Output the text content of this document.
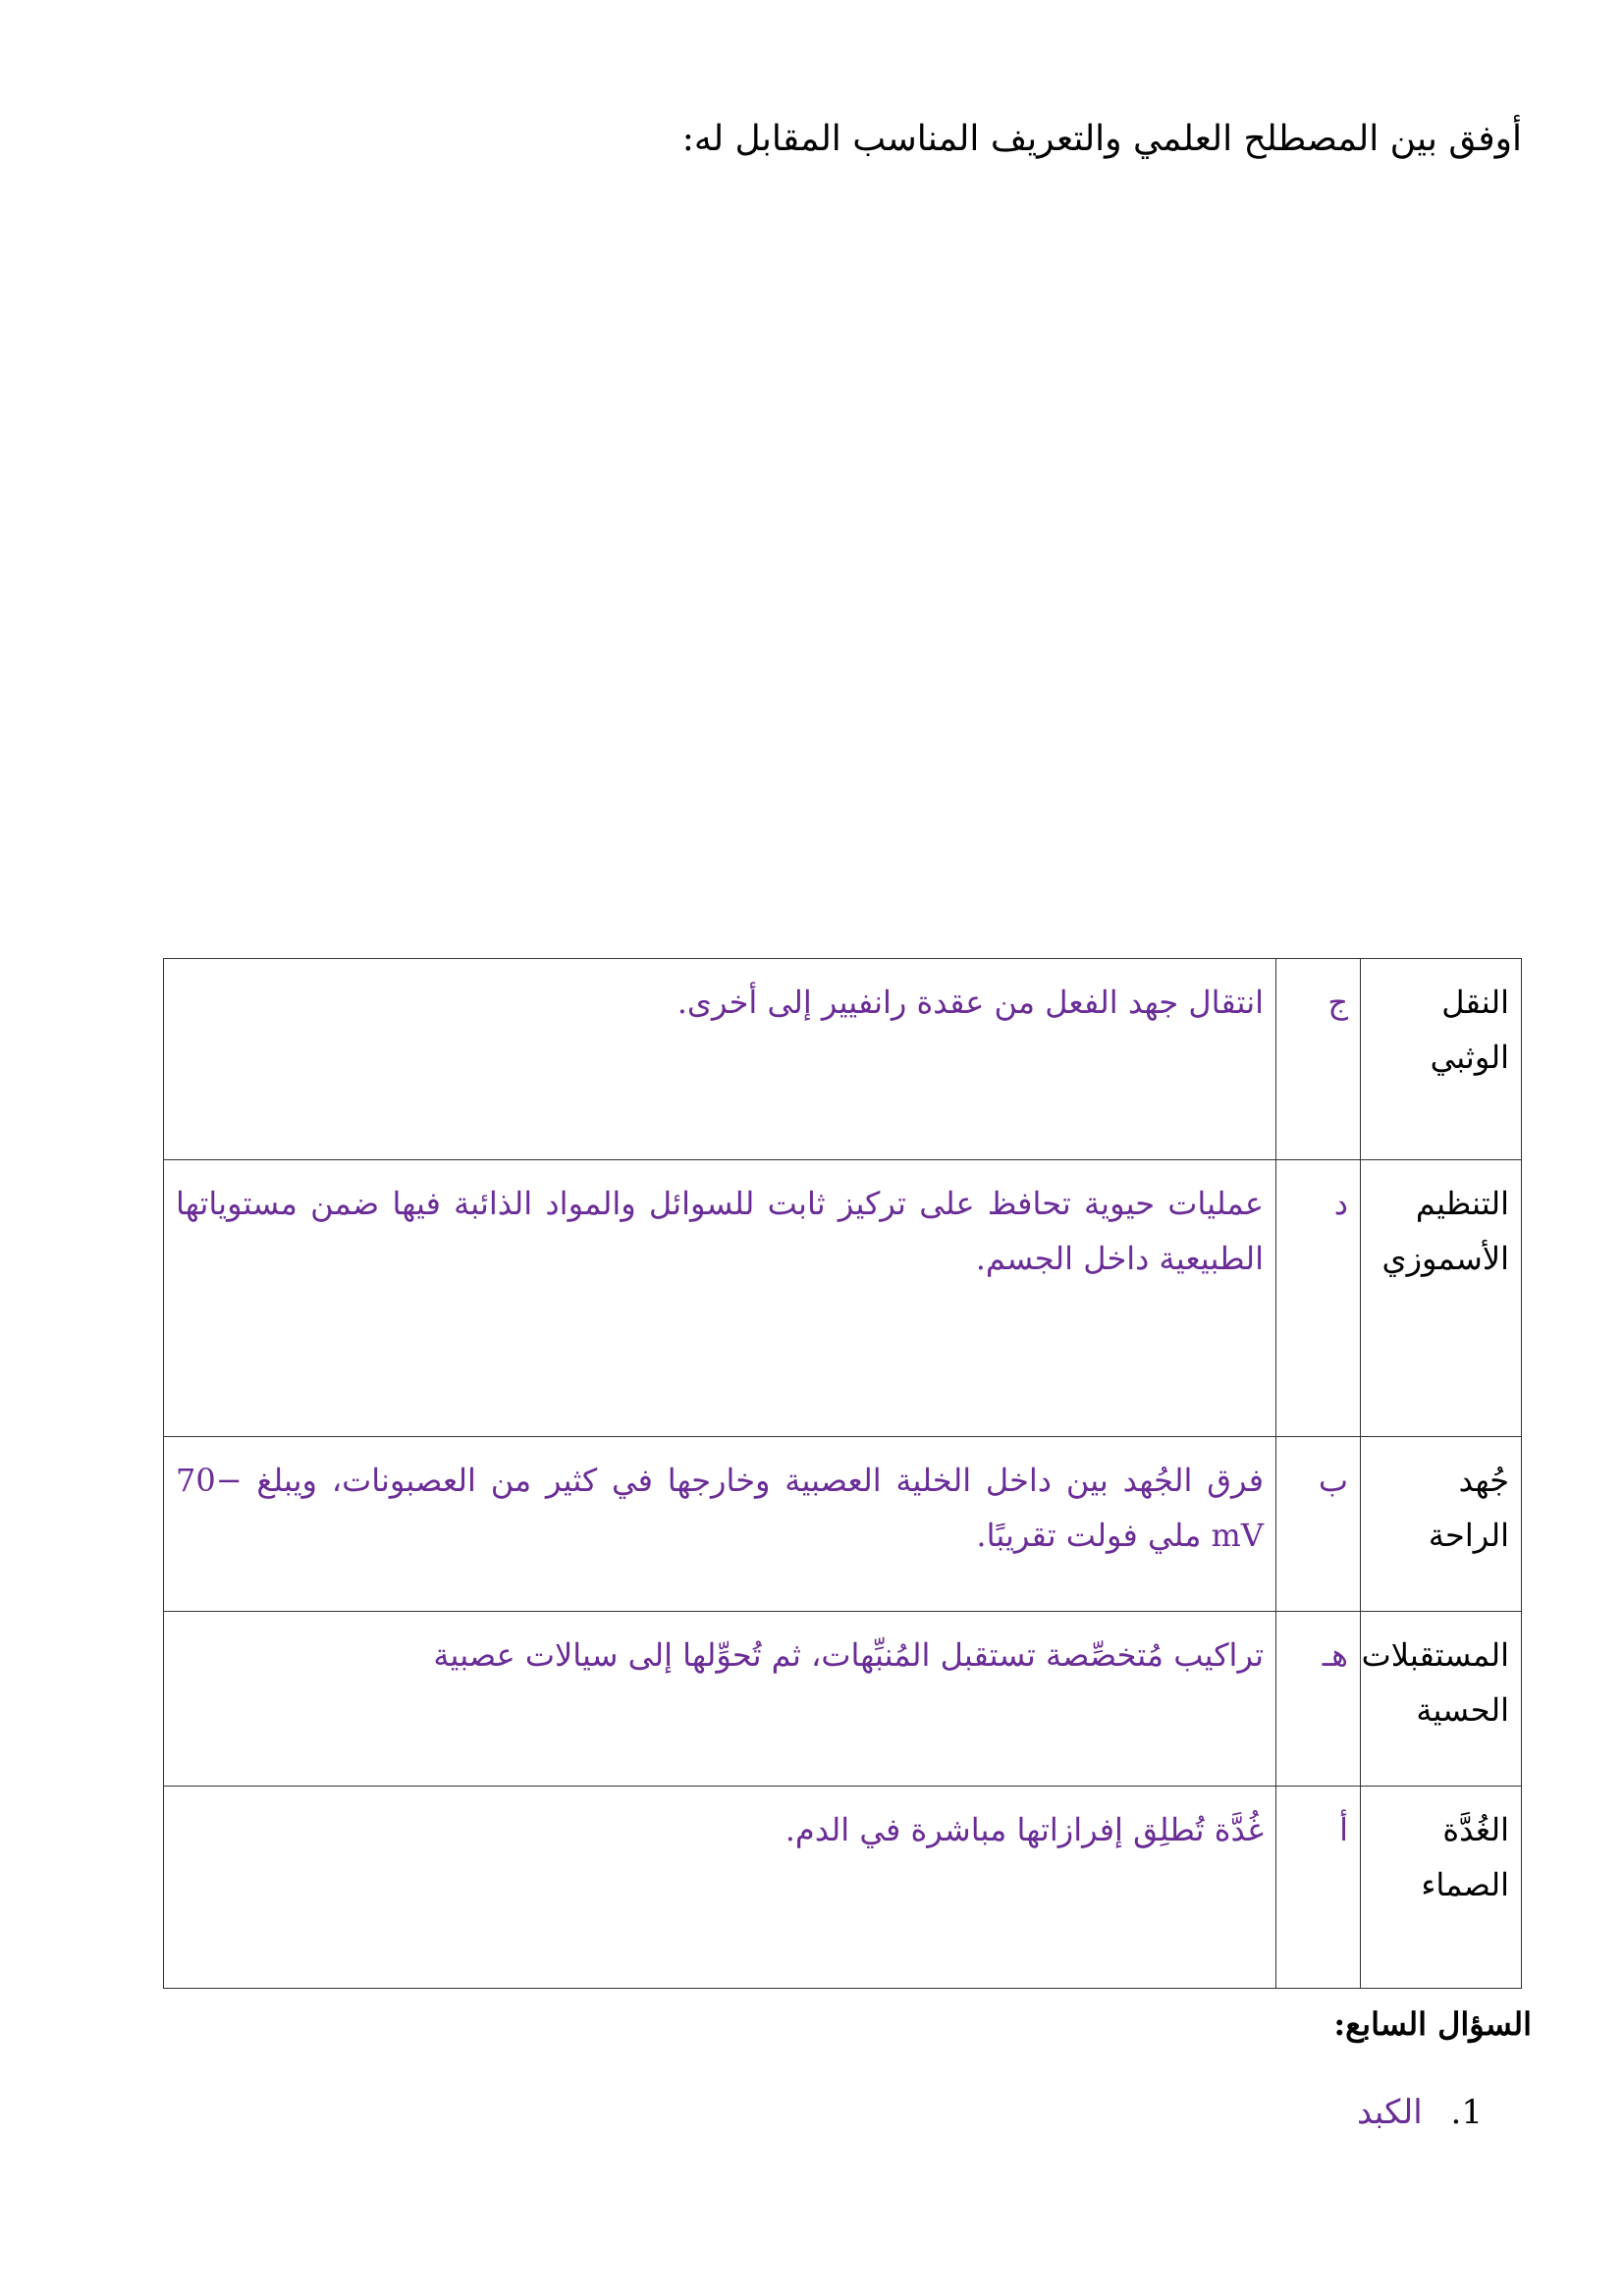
أوفق بين المصطلح العلمي والتعريف المناسب المقابل له:
النقل الوثبي	ج	انتقال جهد الفعل من عقدة رانفيير إلى أخرى.
التنظيم الأسموزي	د	عمليات حيوية تحافظ على تركيز ثابت للسوائل والمواد الذائبة فيها ضمن مستوياتها الطبيعية داخل الجسم.
جُهد الراحة	ب	فرق الجُهد بين داخل الخلية العصبية وخارجها في كثير من العصبونات، ويبلغ −70 mV ملي فولت تقريبًا.
المستقبلات الحسية	هـ	تراكيب مُتخصِّصة تستقبل المُنبِّهات، ثم تُحوِّلها إلى سيالات عصبية
الغُدَّة الصماء	أ	غُدَّة تُطلِق إفرازاتها مباشرة في الدم.
السؤال السابع:
1. الكبد
